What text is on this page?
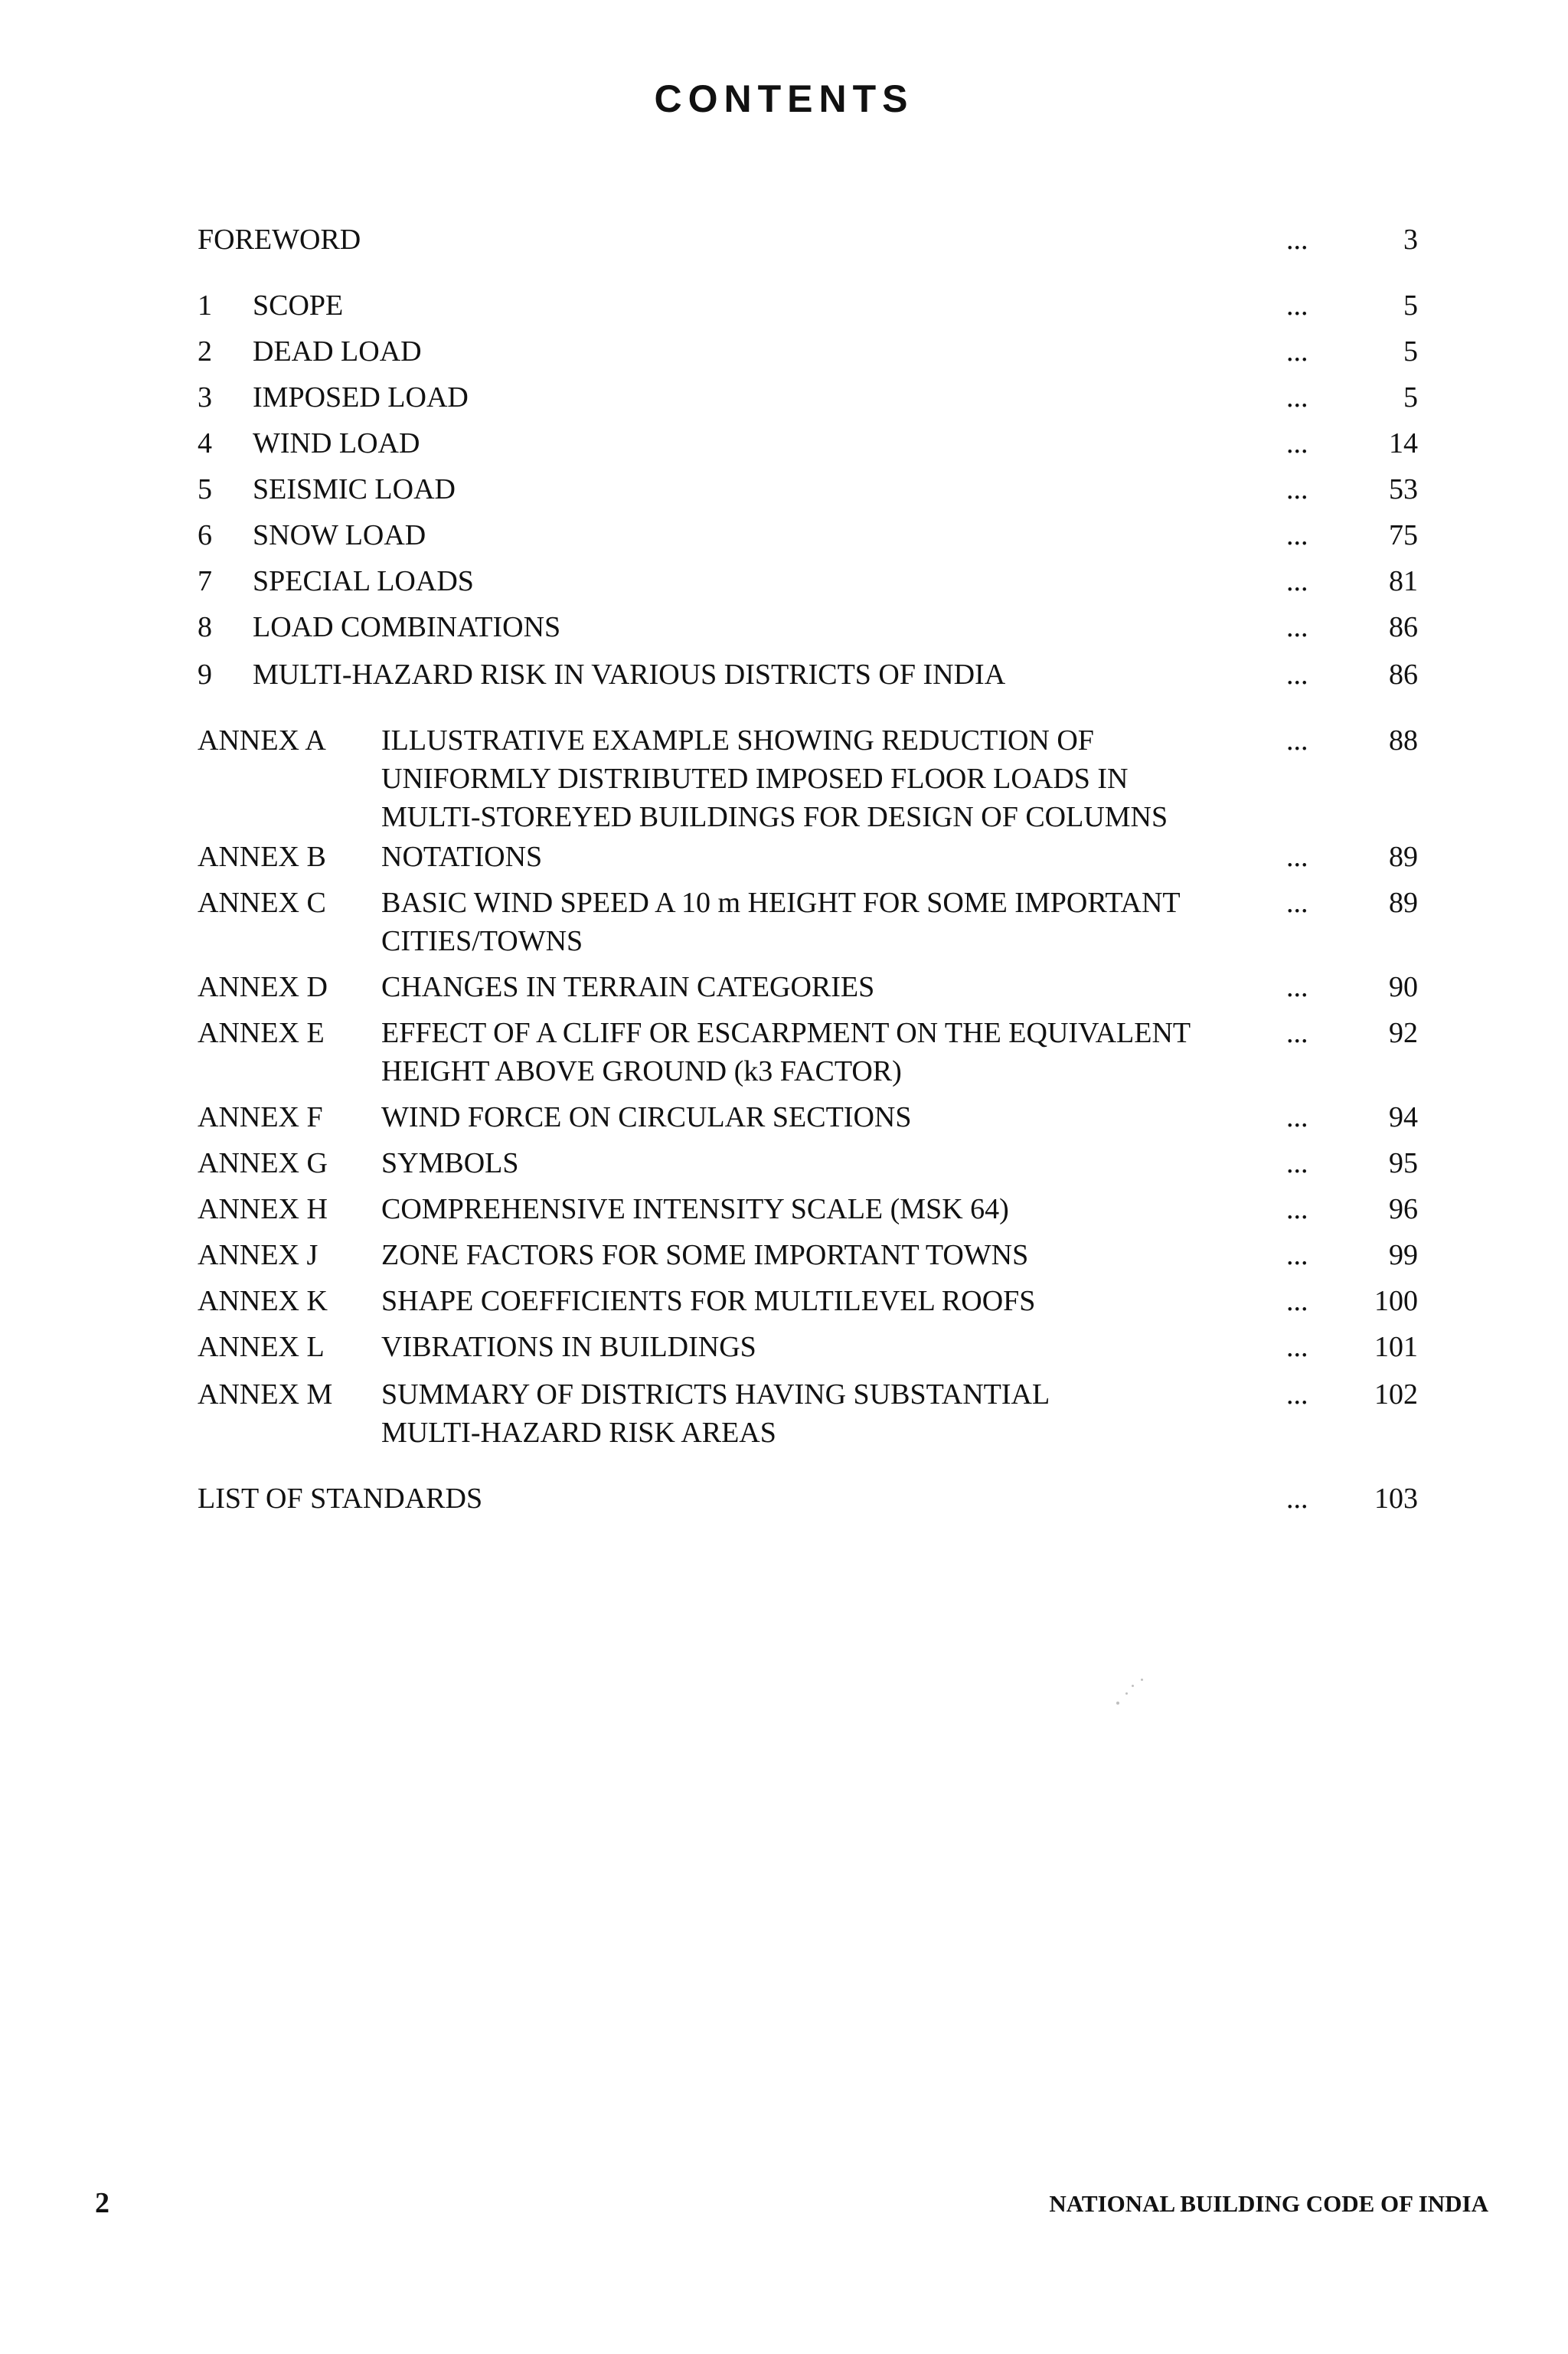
CONTENTS
FOREWORD	...	3
1 SCOPE	...	5
2 DEAD LOAD	...	5
3 IMPOSED LOAD	...	5
4 WIND LOAD	...	14
5 SEISMIC LOAD	...	53
6 SNOW LOAD	...	75
7 SPECIAL LOADS	...	81
8 LOAD COMBINATIONS	...	86
9 MULTI-HAZARD RISK IN VARIOUS DISTRICTS OF INDIA	...	86
ANNEX A ILLUSTRATIVE EXAMPLE SHOWING REDUCTION OF
UNIFORMLY DISTRIBUTED IMPOSED FLOOR LOADS IN
MULTI-STOREYED BUILDINGS FOR DESIGN OF COLUMNS
...	88
ANNEX B NOTATIONS	...	89
ANNEX C BASIC WIND SPEED A 10 m HEIGHT FOR SOME IMPORTANT
CITIES/TOWNS
...	89
ANNEX D CHANGES IN TERRAIN CATEGORIES	...	90
ANNEX E EFFECT OF A CLIFF OR ESCARPMENT ON THE EQUIVALENT
HEIGHT ABOVE GROUND (k3 FACTOR)
...	92
ANNEX F WIND FORCE ON CIRCULAR SECTIONS	...	94
ANNEX G SYMBOLS	...	95
ANNEX H COMPREHENSIVE INTENSITY SCALE (MSK 64)	...	96
ANNEX J ZONE FACTORS FOR SOME IMPORTANT TOWNS	...	99
ANNEX K SHAPE COEFFICIENTS FOR MULTILEVEL ROOFS	... 100
ANNEX L VIBRATIONS IN BUILDINGS	... 101
ANNEX M SUMMARY OF DISTRICTS HAVING SUBSTANTIAL
MULTI-HAZARD RISK AREAS
... 102
LIST OF STANDARDS	... 103
2	NATIONAL BUILDING CODE OF INDIA
